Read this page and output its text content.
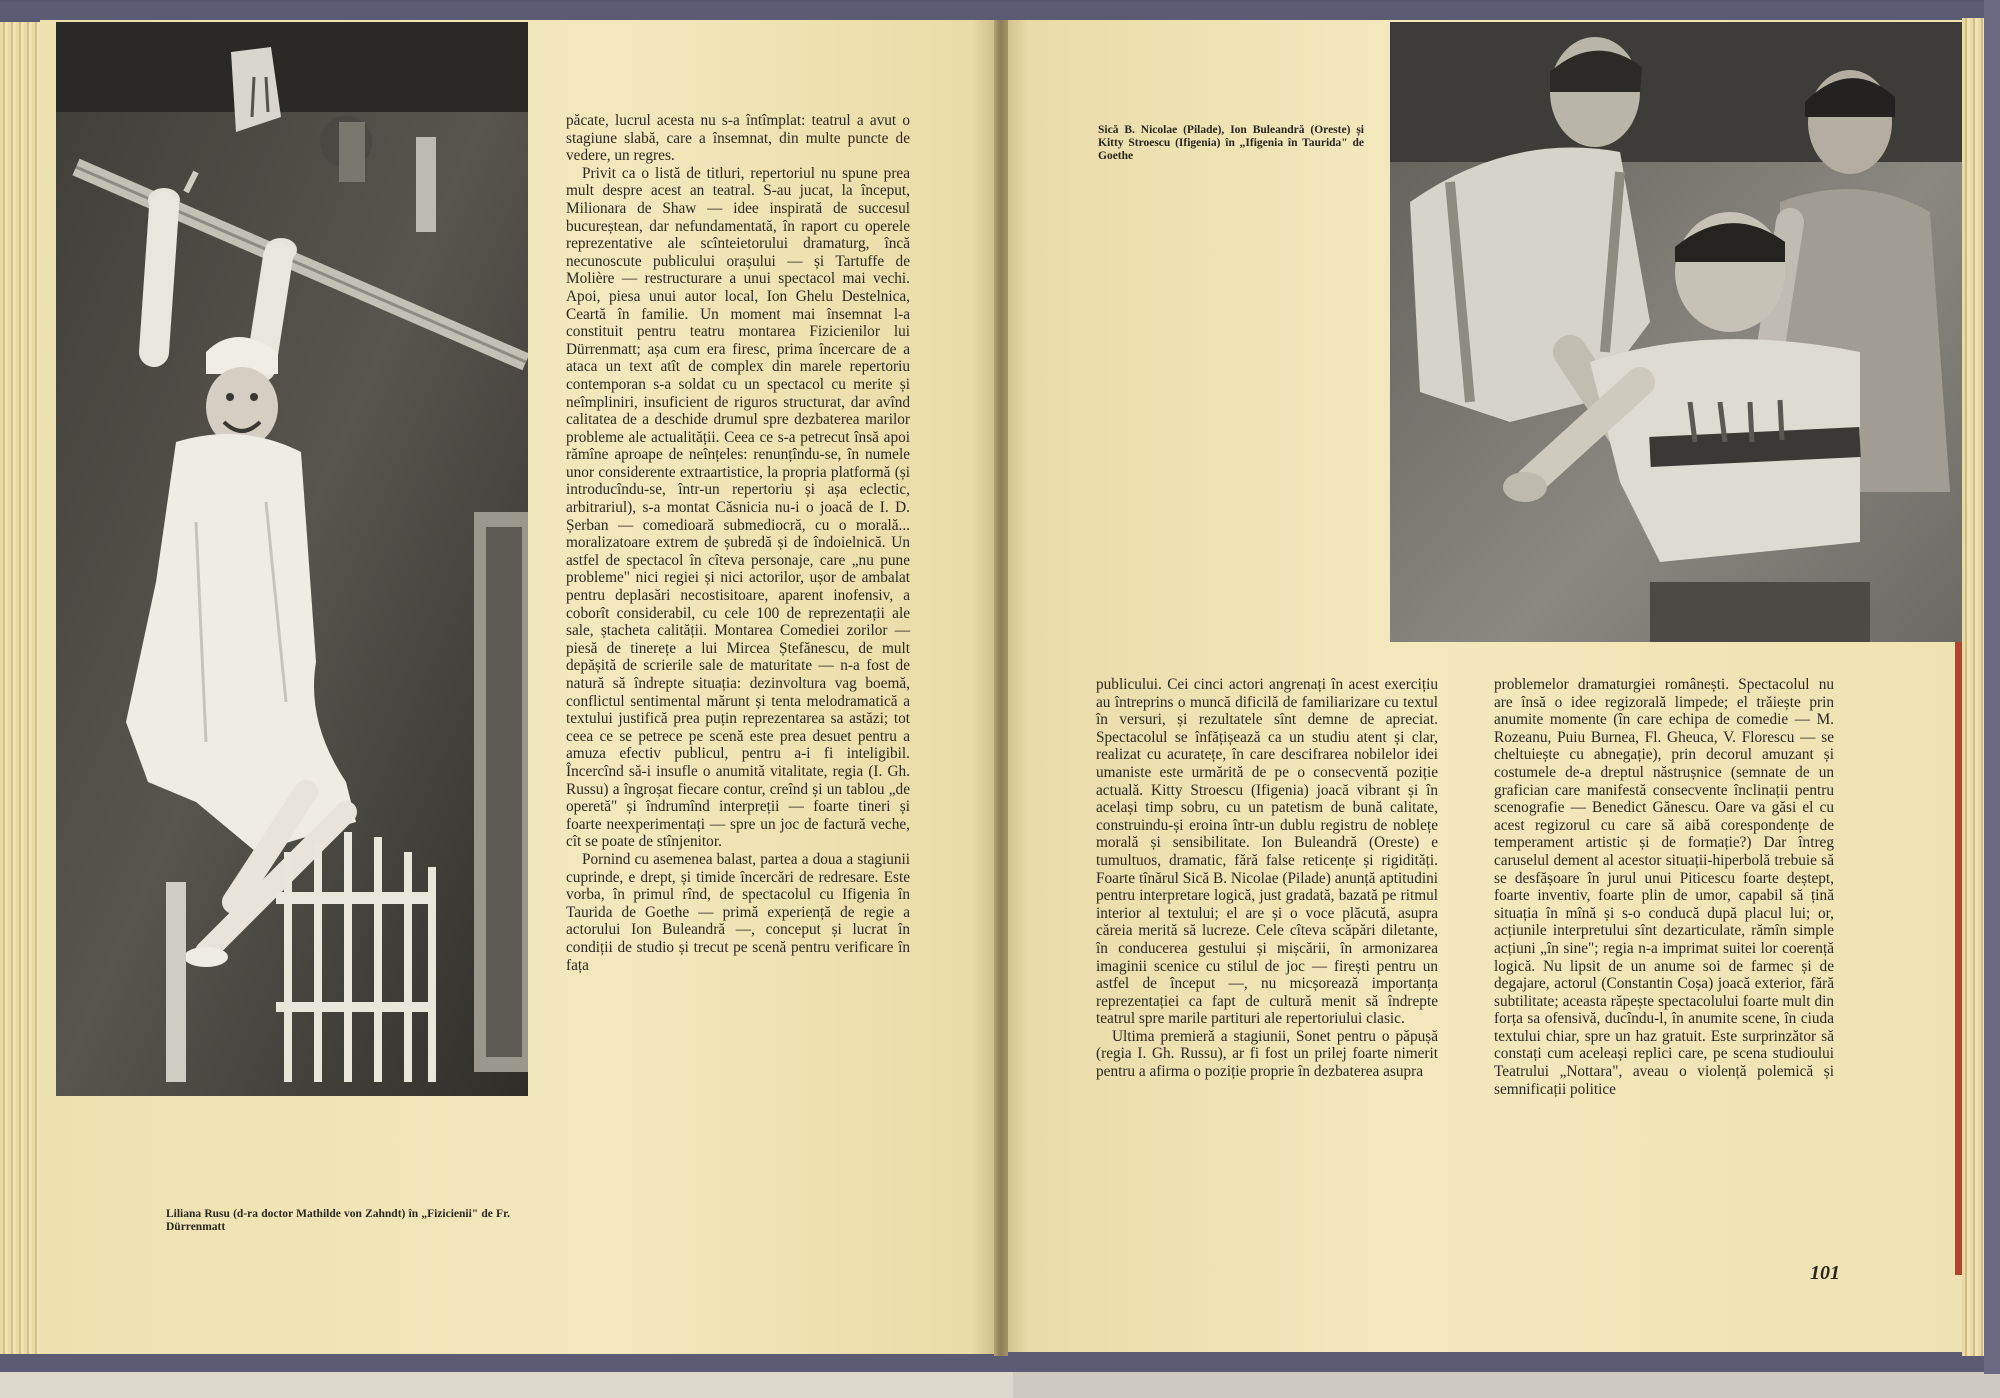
Liliana Rusu (d-ra doctor Mathilde von Zahndt) în „Fizicienii" de Fr. Dürrenmatt

păcate, lucrul acesta nu s-a întîmplat: teatrul a avut o stagiune slabă, care a însemnat, din multe puncte de vedere, un regres.

Privit ca o listă de titluri, repertoriul nu spune prea mult despre acest an teatral. S-au jucat, la început, Milionara de Shaw — idee inspirată de succesul bucureștean, dar nefundamentată, în raport cu operele reprezentative ale scînteietorului dramaturg, încă necunoscute publicului orașului — și Tartuffe de Molière — restructurare a unui spectacol mai vechi. Apoi, piesa unui autor local, Ion Ghelu Destelnica, Ceartă în familie. Un moment mai însemnat l-a constituit pentru teatru montarea Fizicienilor lui Dürrenmatt; așa cum era firesc, prima încercare de a ataca un text atît de complex din marele repertoriu contemporan s-a soldat cu un spectacol cu merite și neîmpliniri, insuficient de riguros structurat, dar avînd calitatea de a deschide drumul spre dezbaterea marilor probleme ale actualității. Ceea ce s-a petrecut însă apoi rămîne aproape de neînțeles: renunțîndu-se, în numele unor considerente extraartistice, la propria platformă (și introducîndu-se, într-un repertoriu și așa eclectic, arbitrariul), s-a montat Căsnicia nu-i o joacă de I. D. Șerban — comedioară submediocră, cu o morală... moralizatoare extrem de șubredă și de îndoielnică. Un astfel de spectacol în cîteva personaje, care „nu pune probleme" nici regiei și nici actorilor, ușor de ambalat pentru deplasări necostisitoare, aparent inofensiv, a coborît considerabil, cu cele 100 de reprezentații ale sale, ștacheta calității. Montarea Comediei zorilor — piesă de tinerețe a lui Mircea Ștefănescu, de mult depășită de scrierile sale de maturitate — n-a fost de natură să îndrepte situația: dezinvoltura vag boemă, conflictul sentimental mărunt și tenta melodramatică a textului justifică prea puțin reprezentarea sa astăzi; tot ceea ce se petrece pe scenă este prea desuet pentru a amuza efectiv publicul, pentru a-i fi inteligibil. Încercînd să-i insufle o anumită vitalitate, regia (I. Gh. Russu) a îngroșat fiecare contur, creînd și un tablou „de operetă" și îndrumînd interpreții — foarte tineri și foarte neexperimentați — spre un joc de factură veche, cît se poate de stînjenitor.

Pornind cu asemenea balast, partea a doua a stagiunii cuprinde, e drept, și timide încercări de redresare. Este vorba, în primul rînd, de spectacolul cu Ifigenia în Taurida de Goethe — primă experiență de regie a actorului Ion Buleandră —, conceput și lucrat în condiții de studio și trecut pe scenă pentru verificare în fața

Sică B. Nicolae (Pilade), Ion Buleandră (Oreste) și Kitty Stroescu (Ifigenia) în „Ifigenia în Taurida" de Goethe

publicului. Cei cinci actori angrenați în acest exercițiu au întreprins o muncă dificilă de familiarizare cu textul în versuri, și rezultatele sînt demne de apreciat. Spectacolul se înfățișează ca un studiu atent și clar, realizat cu acuratețe, în care descifrarea nobilelor idei umaniste este urmărită de pe o consecventă poziție actuală. Kitty Stroescu (Ifigenia) joacă vibrant și în același timp sobru, cu un patetism de bună calitate, construindu-și eroina într-un dublu registru de noblețe morală și sensibilitate. Ion Buleandră (Oreste) e tumultuos, dramatic, fără false reticențe și rigidități. Foarte tînărul Sică B. Nicolae (Pilade) anunță aptitudini pentru interpretare logică, just gradată, bazată pe ritmul interior al textului; el are și o voce plăcută, asupra căreia merită să lucreze. Cele cîteva scăpări diletante, în conducerea gestului și mișcării, în armonizarea imaginii scenice cu stilul de joc — firești pentru un astfel de început —, nu micșorează importanța reprezentației ca fapt de cultură menit să îndrepte teatrul spre marile partituri ale repertoriului clasic.

Ultima premieră a stagiunii, Sonet pentru o păpușă (regia I. Gh. Russu), ar fi fost un prilej foarte nimerit pentru a afirma o poziție proprie în dezbaterea asupra

problemelor dramaturgiei românești. Spectacolul nu are însă o idee regizorală limpede; el trăiește prin anumite momente (în care echipa de comedie — M. Rozeanu, Puiu Burnea, Fl. Gheuca, V. Florescu — se cheltuiește cu abnegație), prin decorul amuzant și costumele de-a dreptul năstrușnice (semnate de un grafician care manifestă consecvente înclinații pentru scenografie — Benedict Gănescu. Oare va găsi el cu acest regizorul cu care să aibă corespondențe de temperament artistic și de formație?) Dar întreg caruselul dement al acestor situații-hiperbolă trebuie să se desfășoare în jurul unui Piticescu foarte deștept, foarte inventiv, foarte plin de umor, capabil să țină situația în mînă și s-o conducă după placul lui; or, acțiunile interpretului sînt dezarticulate, rămîn simple acțiuni „în sine"; regia n-a imprimat suitei lor coerență logică. Nu lipsit de un anume soi de farmec și de degajare, actorul (Constantin Coșa) joacă exterior, fără subtilitate; aceasta răpește spectacolului foarte mult din forța sa ofensivă, ducîndu-l, în anumite scene, în ciuda textului chiar, spre un haz gratuit. Este surprinzător să constați cum aceleași replici care, pe scena studioului Teatrului „Nottara", aveau o violență polemică și semnificații politice

101
